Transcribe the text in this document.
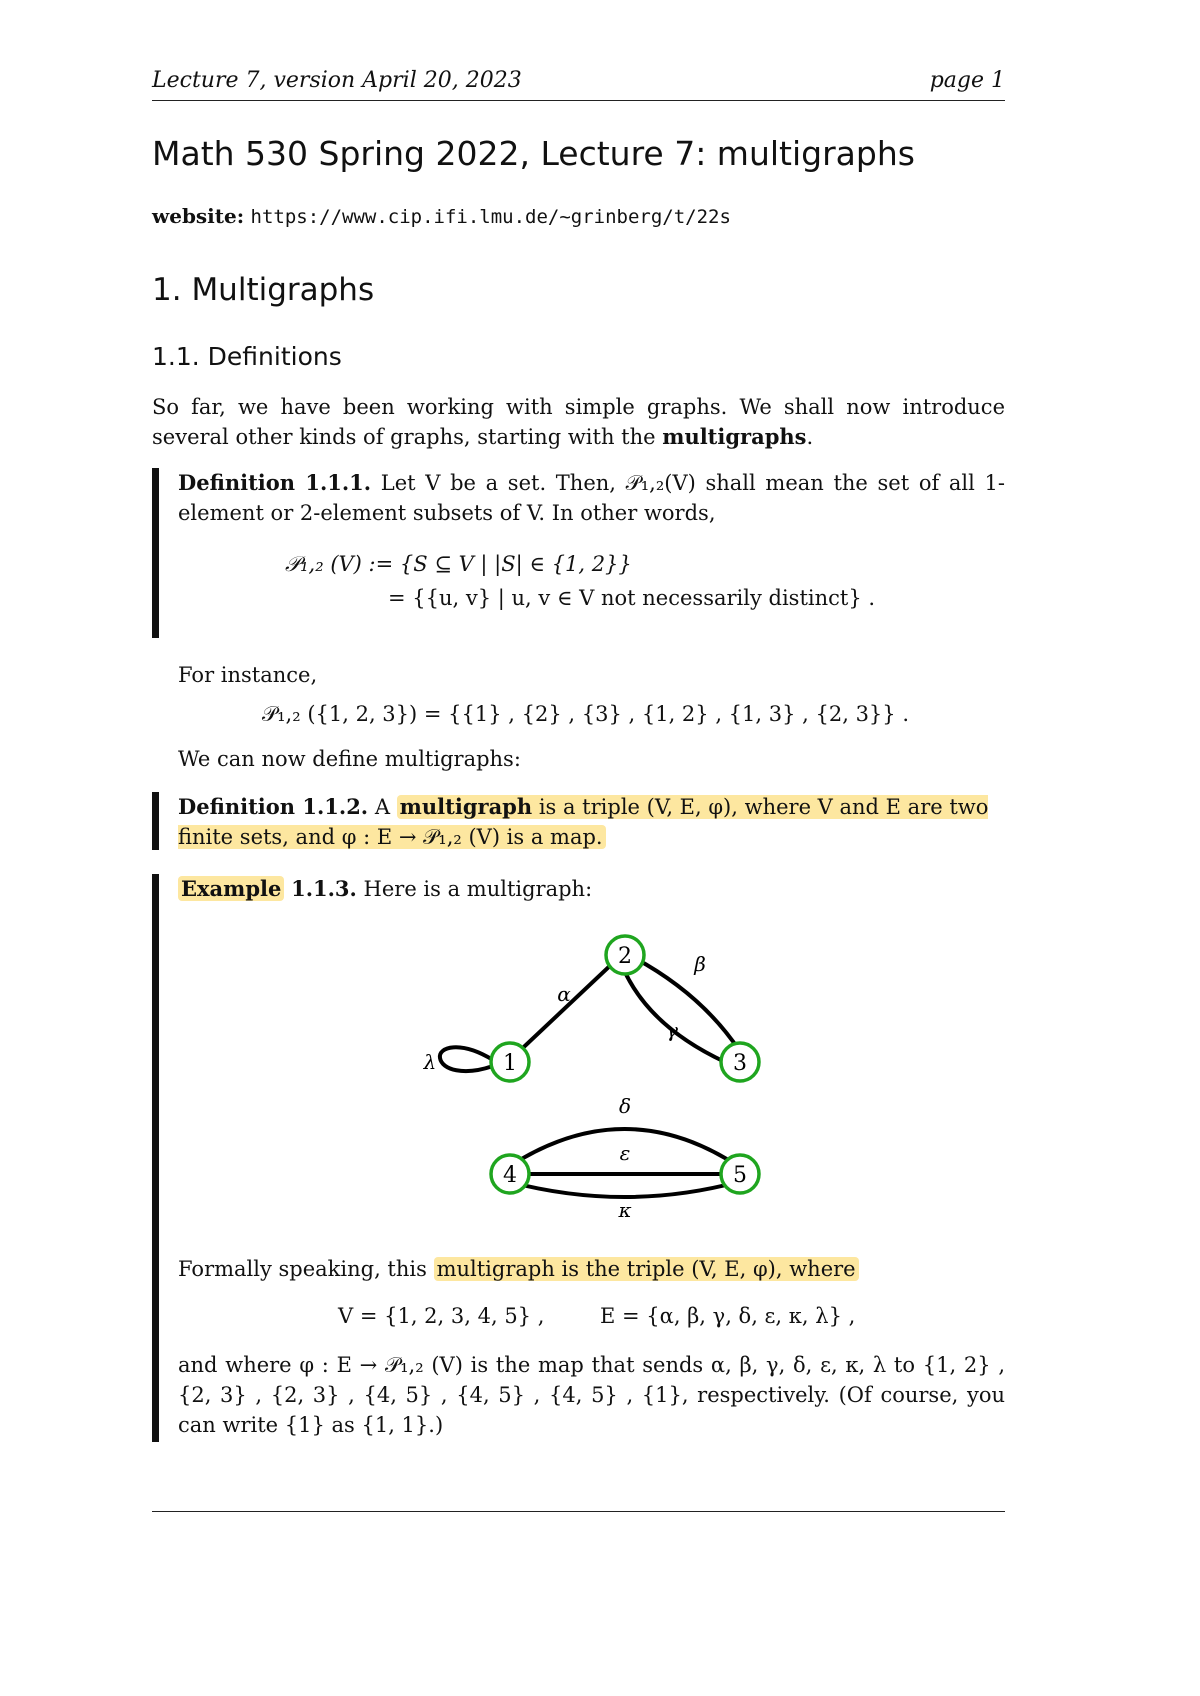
Lecture 7, version April 20, 2023	page 1
Math 530 Spring 2022, Lecture 7: multigraphs
website: https://www.cip.ifi.lmu.de/~grinberg/t/22s
1. Multigraphs
1.1. Definitions
So far, we have been working with simple graphs. We shall now introduce several other kinds of graphs, starting with the multigraphs.
Definition 1.1.1. Let V be a set. Then, 𝒫₁,₂(V) shall mean the set of all 1-element or 2-element subsets of V. In other words,
𝒫₁,₂ (V) := {S ⊆ V | |S| ∈ {1, 2}}
= {{u, v} | u, v ∈ V not necessarily distinct} .
For instance,
𝒫₁,₂ ({1, 2, 3}) = {{1} , {2} , {3} , {1, 2} , {1, 3} , {2, 3}} .
We can now define multigraphs:
Definition 1.1.2. A multigraph is a triple (V, E, φ), where V and E are two finite sets, and φ : E → 𝒫₁,₂ (V) is a map.
Example 1.1.3. Here is a multigraph:
2
1	3
4	5
α
β
γ
λ
δ
ε
κ
Formally speaking, this multigraph is the triple (V, E, φ), where
V = {1, 2, 3, 4, 5} ,	E = {α, β, γ, δ, ε, κ, λ} ,
and where φ : E → 𝒫₁,₂ (V) is the map that sends α, β, γ, δ, ε, κ, λ to {1, 2} , {2, 3} , {2, 3} , {4, 5} , {4, 5} , {4, 5} , {1}, respectively. (Of course, you can write {1} as {1, 1}.)
